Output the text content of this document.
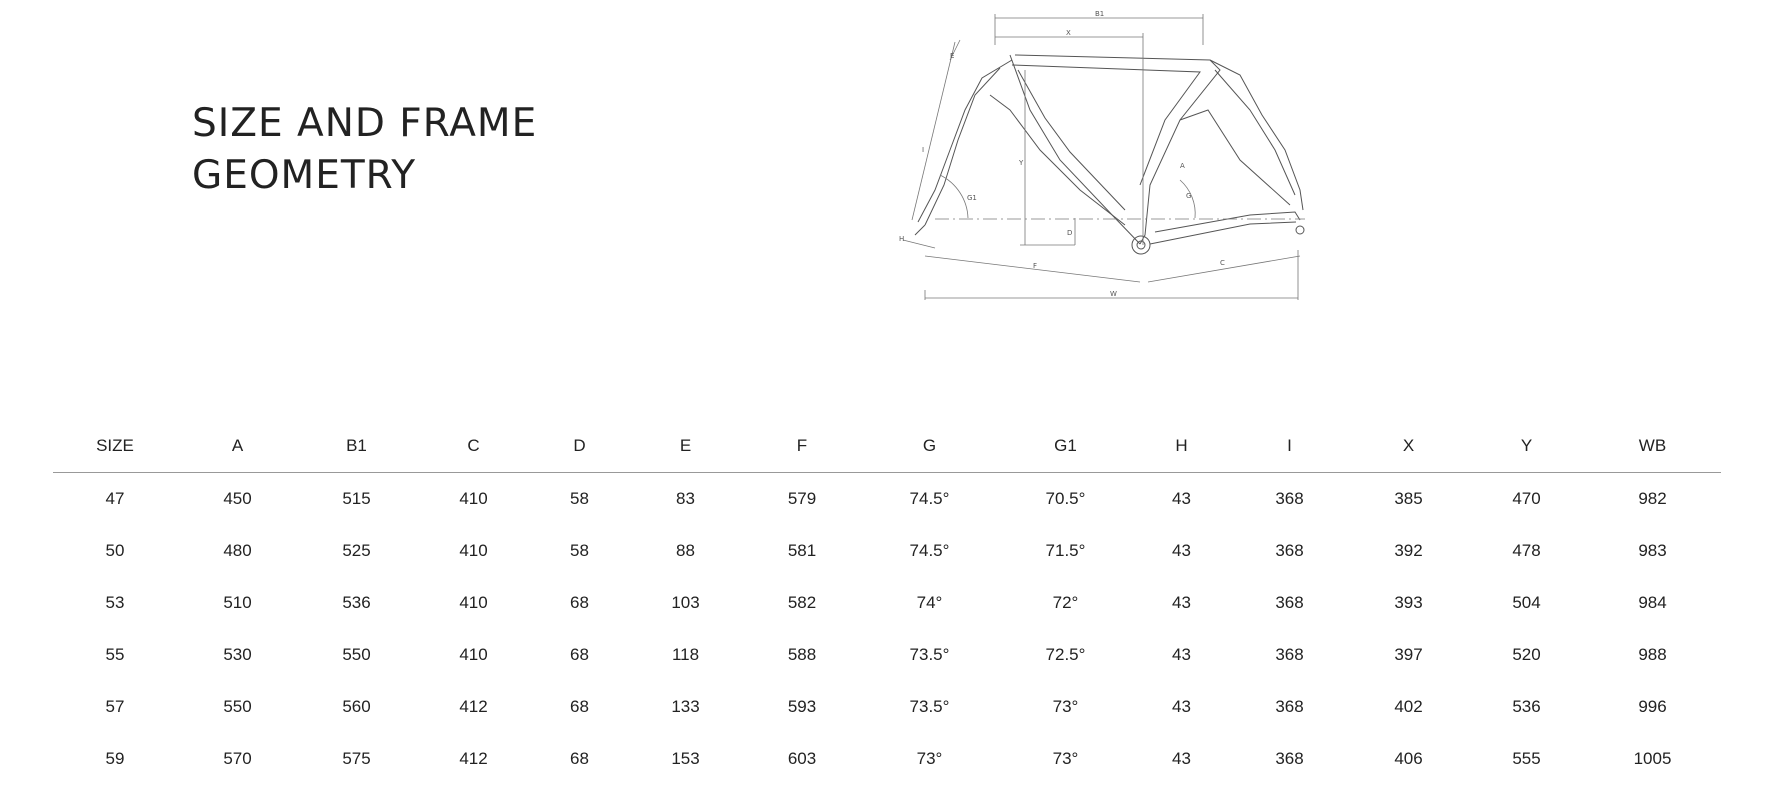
SIZE AND FRAME
GEOMETRY
B1
X
E
I
Y
G1
H
D
A
G
F	C
W
SIZE	A	B1	C	D	E	F	G	G1	H	I	X	Y	WB
47	450	515	410	58	83	579	74.5°	70.5°	43	368	385	470	982
50	480	525	410	58	88	581	74.5°	71.5°	43	368	392	478	983
53	510	536	410	68	103	582	74°	72°	43	368	393	504	984
55	530	550	410	68	118	588	73.5°	72.5°	43	368	397	520	988
57	550	560	412	68	133	593	73.5°	73°	43	368	402	536	996
59	570	575	412	68	153	603	73°	73°	43	368	406	555	1005
